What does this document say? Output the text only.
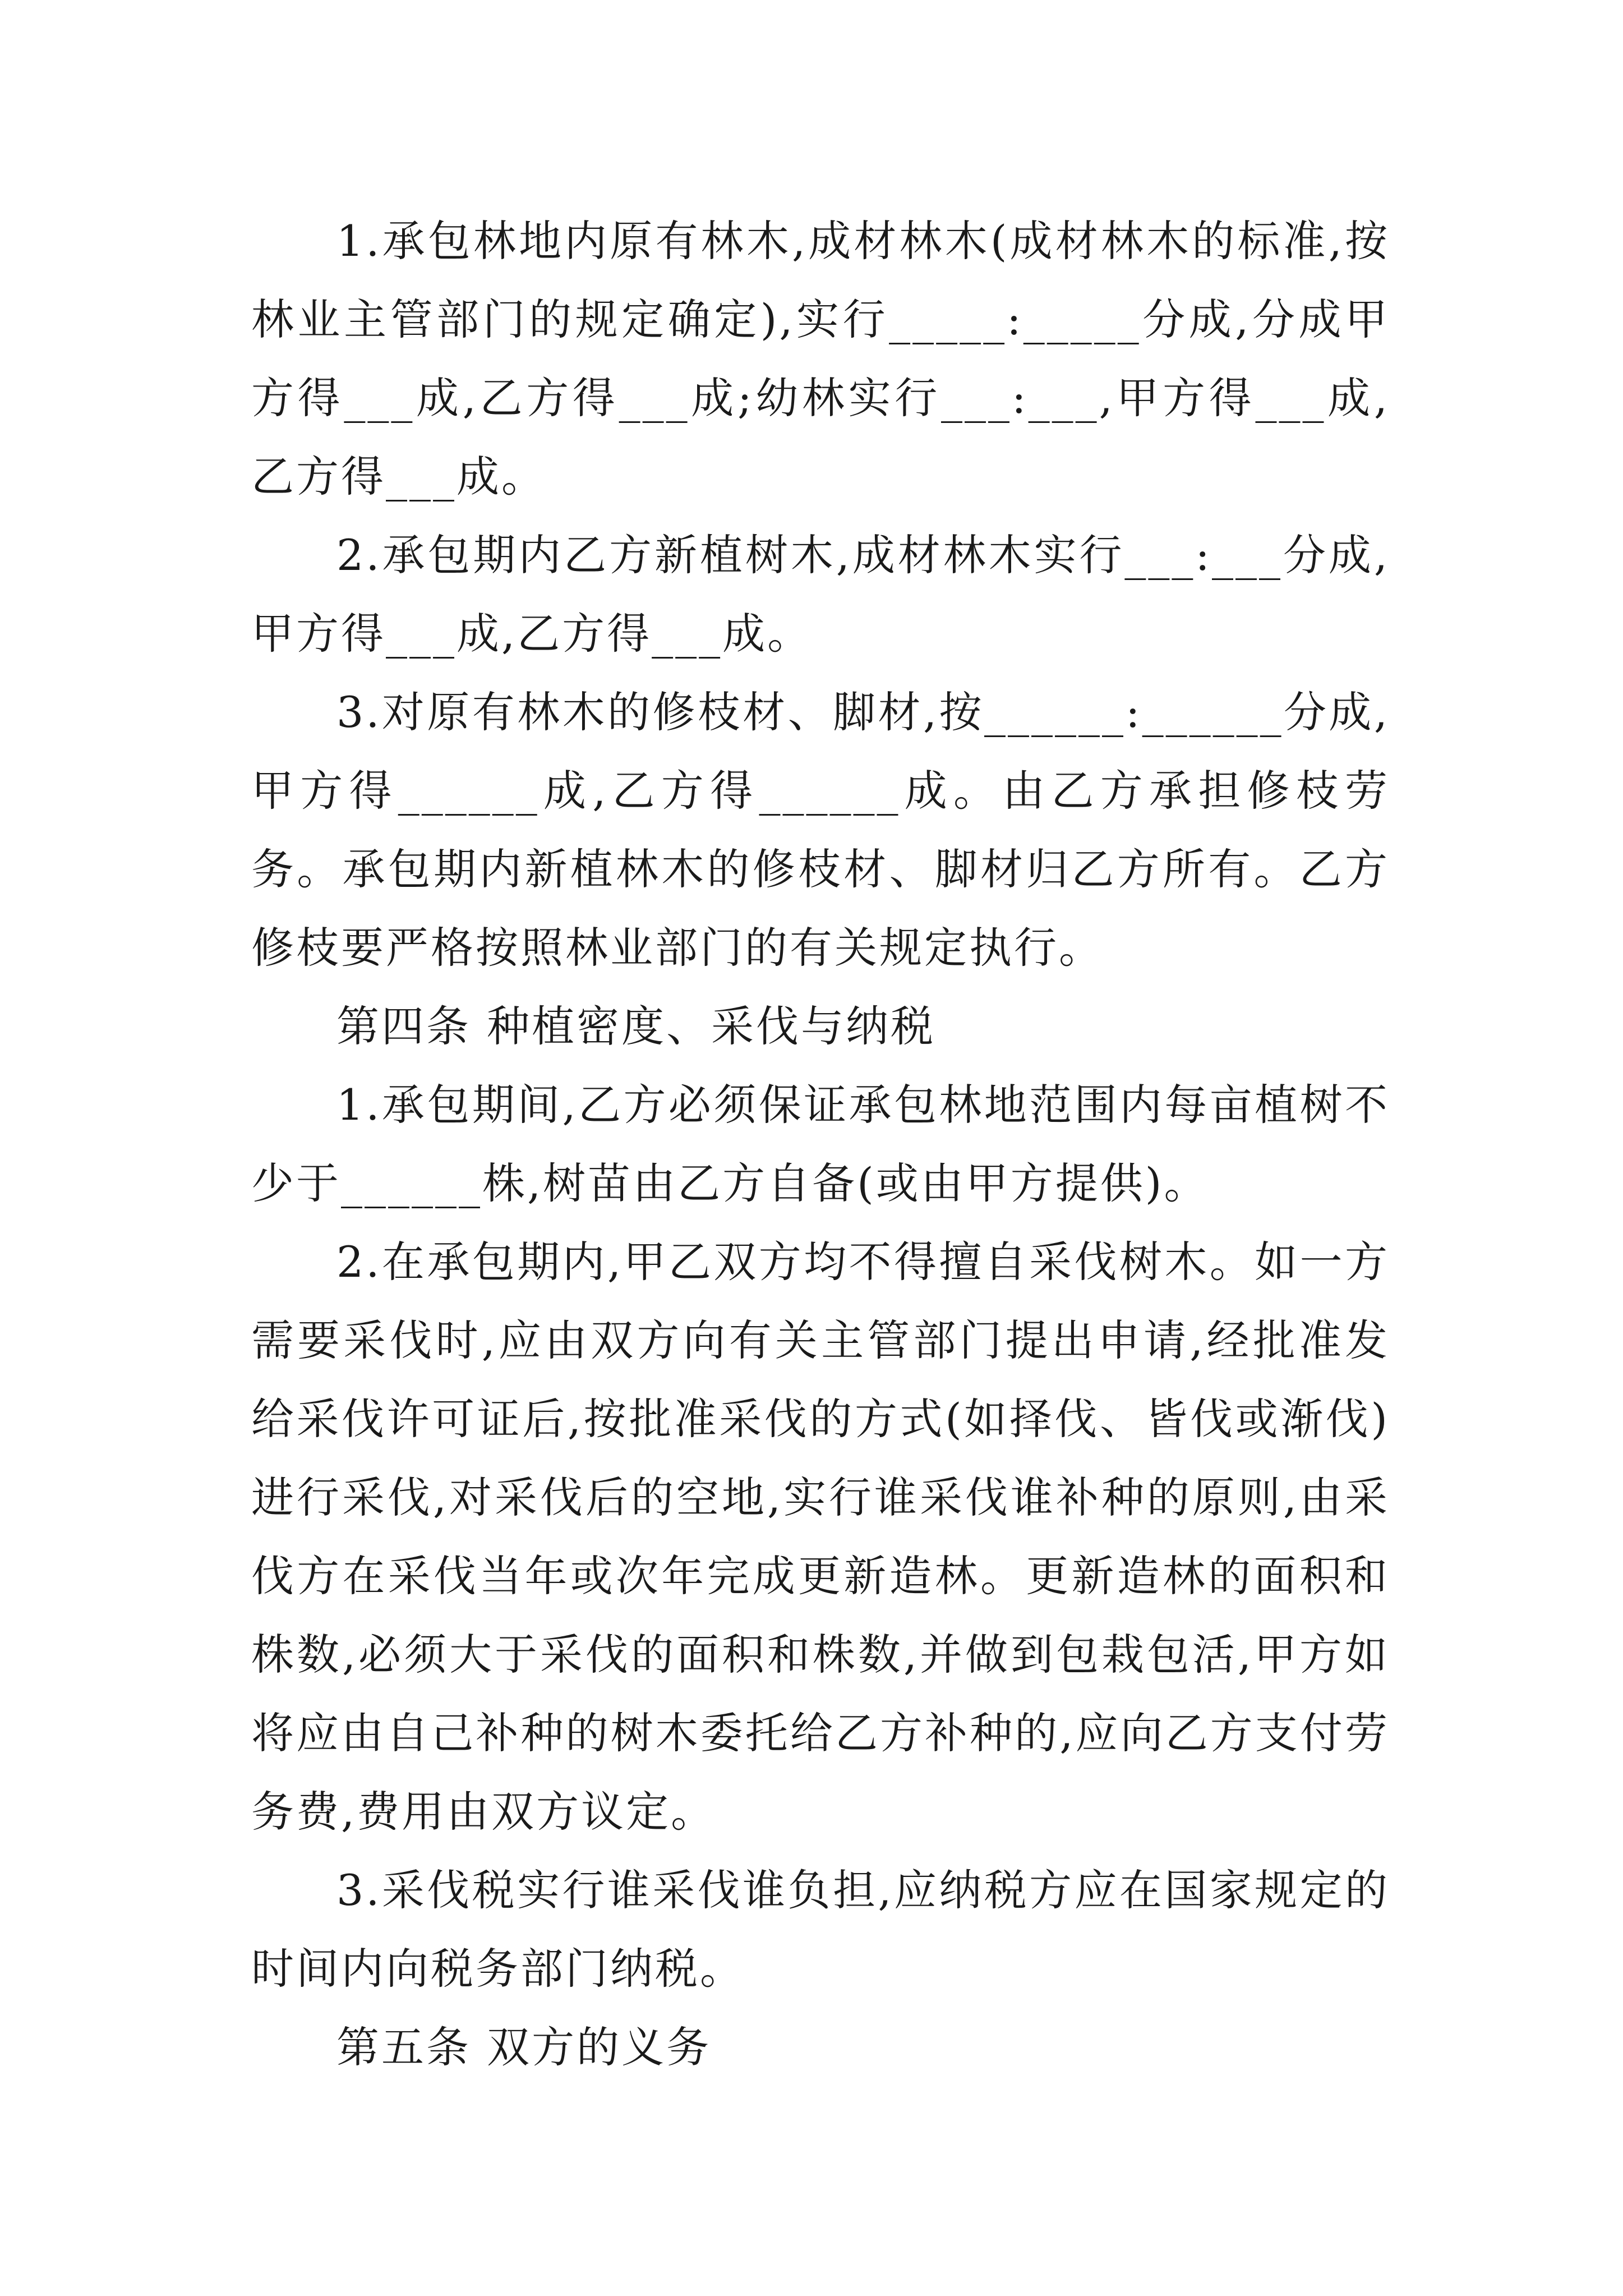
1.承包林地内原有林木,成材林木(成材林木的标准,按林业主管部门的规定确定),实行_____:_____分成,分成甲方得___成,乙方得___成;幼林实行___:___,甲方得___成,乙方得___成。

2.承包期内乙方新植树木,成材林木实行___:___分成,甲方得___成,乙方得___成。

3.对原有林木的修枝材、脚材,按______:______分成,甲方得______成,乙方得______成。由乙方承担修枝劳务。承包期内新植林木的修枝材、脚材归乙方所有。乙方修枝要严格按照林业部门的有关规定执行。

第四条 种植密度、采伐与纳税

1.承包期间,乙方必须保证承包林地范围内每亩植树不少于______株,树苗由乙方自备(或由甲方提供)。

2.在承包期内,甲乙双方均不得擅自采伐树木。如一方需要采伐时,应由双方向有关主管部门提出申请,经批准发给采伐许可证后,按批准采伐的方式(如择伐、皆伐或渐伐)进行采伐,对采伐后的空地,实行谁采伐谁补种的原则,由采伐方在采伐当年或次年完成更新造林。更新造林的面积和株数,必须大于采伐的面积和株数,并做到包栽包活,甲方如将应由自己补种的树木委托给乙方补种的,应向乙方支付劳务费,费用由双方议定。

3.采伐税实行谁采伐谁负担,应纳税方应在国家规定的时间内向税务部门纳税。

第五条 双方的义务
